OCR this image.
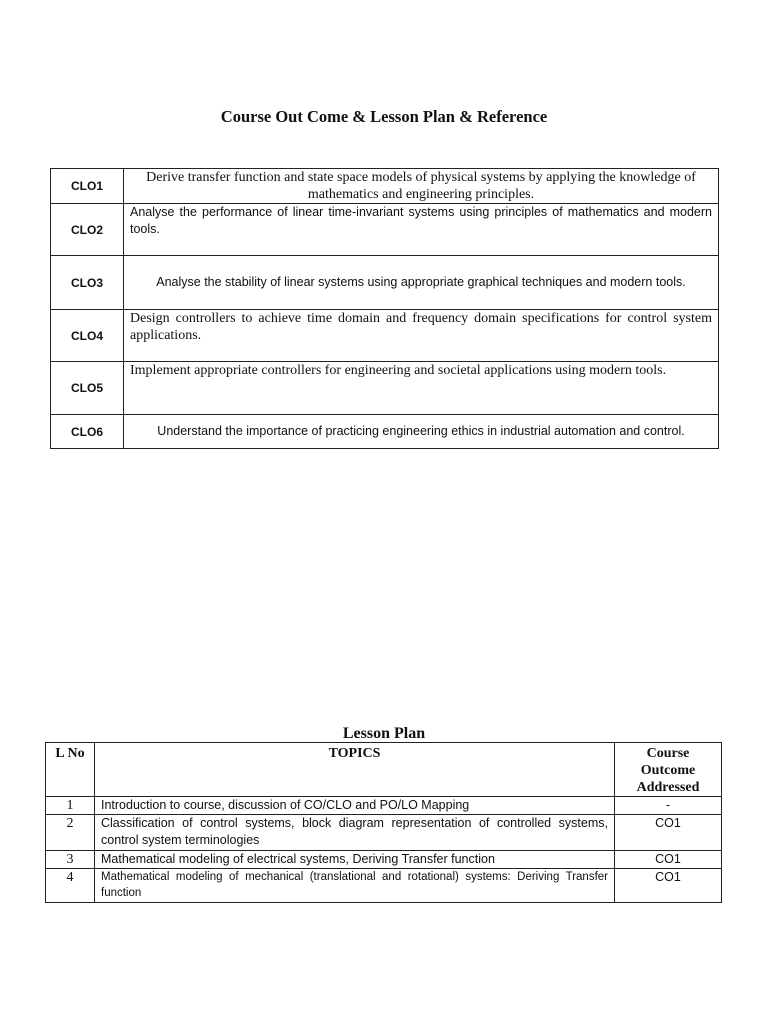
Course Out Come & Lesson Plan & Reference
CLO1	Derive transfer function and state space models of physical systems by applying the knowledge of mathematics and engineering principles.
CLO2	Analyse the performance of linear time-invariant systems using principles of mathematics and modern tools.
CLO3	Analyse the stability of linear systems using appropriate graphical techniques and modern tools.
CLO4	Design controllers to achieve time domain and frequency domain specifications for control system applications.
CLO5	Implement appropriate controllers for engineering and societal applications using modern tools.
CLO6	Understand the importance of practicing engineering ethics in industrial automation and control.
Lesson Plan
L No	TOPICS	Course
Outcome
Addressed

1	Introduction to course, discussion of CO/CLO and PO/LO Mapping	-
2	Classification of control systems, block diagram representation of controlled systems, control system terminologies	CO1
3	Mathematical modeling of electrical systems, Deriving Transfer function	CO1
4	Mathematical modeling of mechanical (translational and rotational) systems: Deriving Transfer function	CO1
